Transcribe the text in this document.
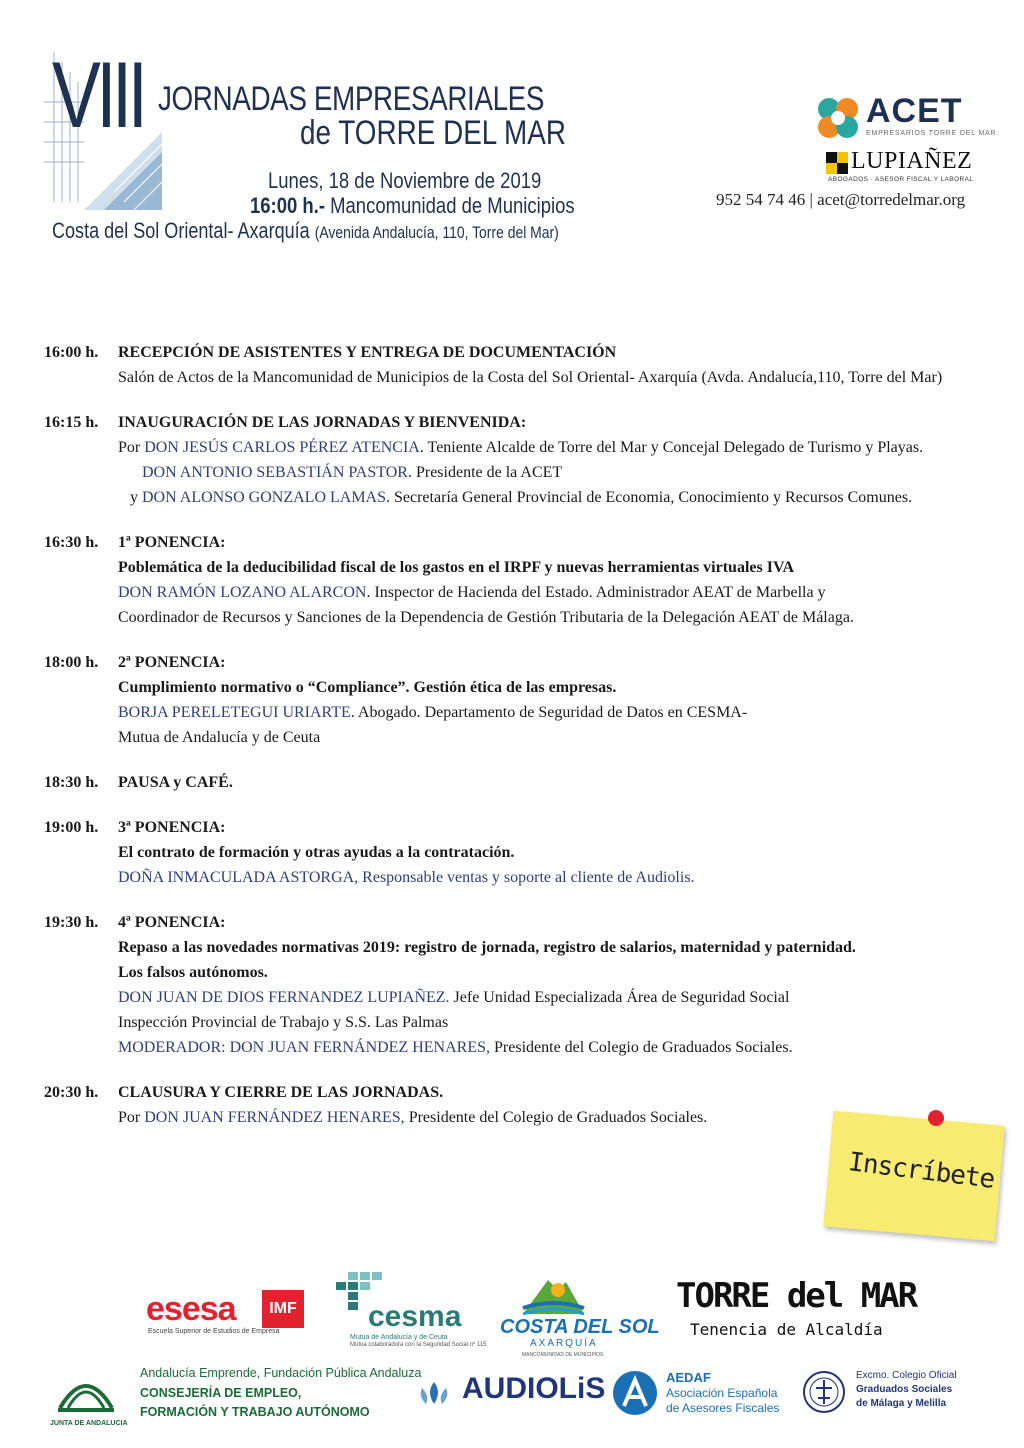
VIII JORNADAS EMPRESARIALES
de TORRE DEL MAR
Lunes, 18 de Noviembre de 2019
16:00 h.- Mancomunidad de Municipios
Costa del Sol Oriental- Axarquía (Avenida Andalucía, 110, Torre del Mar)
ACET
EMPRESARIOS TORRE DEL MAR
LUPIAÑEZ
ABOGADOS · ASESOR FISCAL Y LABORAL
952 54 74 46 | acet@torredelmar.org
16:00 h.	RECEPCIÓN DE ASISTENTES Y ENTREGA DE DOCUMENTACIÓN
Salón de Actos de la Mancomunidad de Municipios de la Costa del Sol Oriental- Axarquía (Avda. Andalucía,110, Torre del Mar)
16:15 h.	INAUGURACIÓN DE LAS JORNADAS Y BIENVENIDA:
Por DON JESÚS CARLOS PÉREZ ATENCIA. Teniente Alcalde de Torre del Mar y Concejal Delegado de Turismo y Playas.
DON ANTONIO SEBASTIÁN PASTOR. Presidente de la ACET
y DON ALONSO GONZALO LAMAS. Secretaría General Provincial de Economia, Conocimiento y Recursos Comunes.
16:30 h.	1ª PONENCIA:
Poblemática de la deducibilidad fiscal de los gastos en el IRPF y nuevas herramientas virtuales IVA
DON RAMÓN LOZANO ALARCON. Inspector de Hacienda del Estado. Administrador AEAT de Marbella y
Coordinador de Recursos y Sanciones de la Dependencia de Gestión Tributaria de la Delegación AEAT de Málaga.
18:00 h.	2ª PONENCIA:
Cumplimiento normativo o “Compliance”. Gestión ética de las empresas.
BORJA PERELETEGUI URIARTE. Abogado. Departamento de Seguridad de Datos en CESMA-
Mutua de Andalucía y de Ceuta
18:30 h.	PAUSA y CAFÉ.
19:00 h.	3ª PONENCIA:
El contrato de formación y otras ayudas a la contratación.
DOÑA INMACULADA ASTORGA, Responsable ventas y soporte al cliente de Audiolis.
19:30 h.	4ª PONENCIA:
Repaso a las novedades normativas 2019: registro de jornada, registro de salarios, maternidad y paternidad.
Los falsos autónomos.
DON JUAN DE DIOS FERNANDEZ LUPIAÑEZ. Jefe Unidad Especializada Área de Seguridad Social
Inspección Provincial de Trabajo y S.S. Las Palmas
MODERADOR: DON JUAN FERNÁNDEZ HENARES, Presidente del Colegio de Graduados Sociales.
20:30 h.	CLAUSURA Y CIERRE DE LAS JORNADAS.
Por DON JUAN FERNÁNDEZ HENARES, Presidente del Colegio de Graduados Sociales.
Inscríbete
esesa
Escuela Superior de Estudios de Empresa
IMF cesma
Mutua de Andalucía y de Ceuta
Mutua colaboradora con la Seguridad Social nº 115
COSTA DEL SOL
AXARQUÍA
MANCOMUNIDAD DE MUNICIPIOS
TORRE del MAR
Tenencia de Alcaldía
JUNTA DE ANDALUCIA
Andalucía Emprende, Fundación Pública Andaluza
CONSEJERÍA DE EMPLEO,
FORMACIÓN Y TRABAJO AUTÓNOMO
AUDIOLiS	AEDAF
Asociación Española
de Asesores Fiscales
Excmo. Colegio Oficial
Graduados Sociales
de Málaga y Melilla
